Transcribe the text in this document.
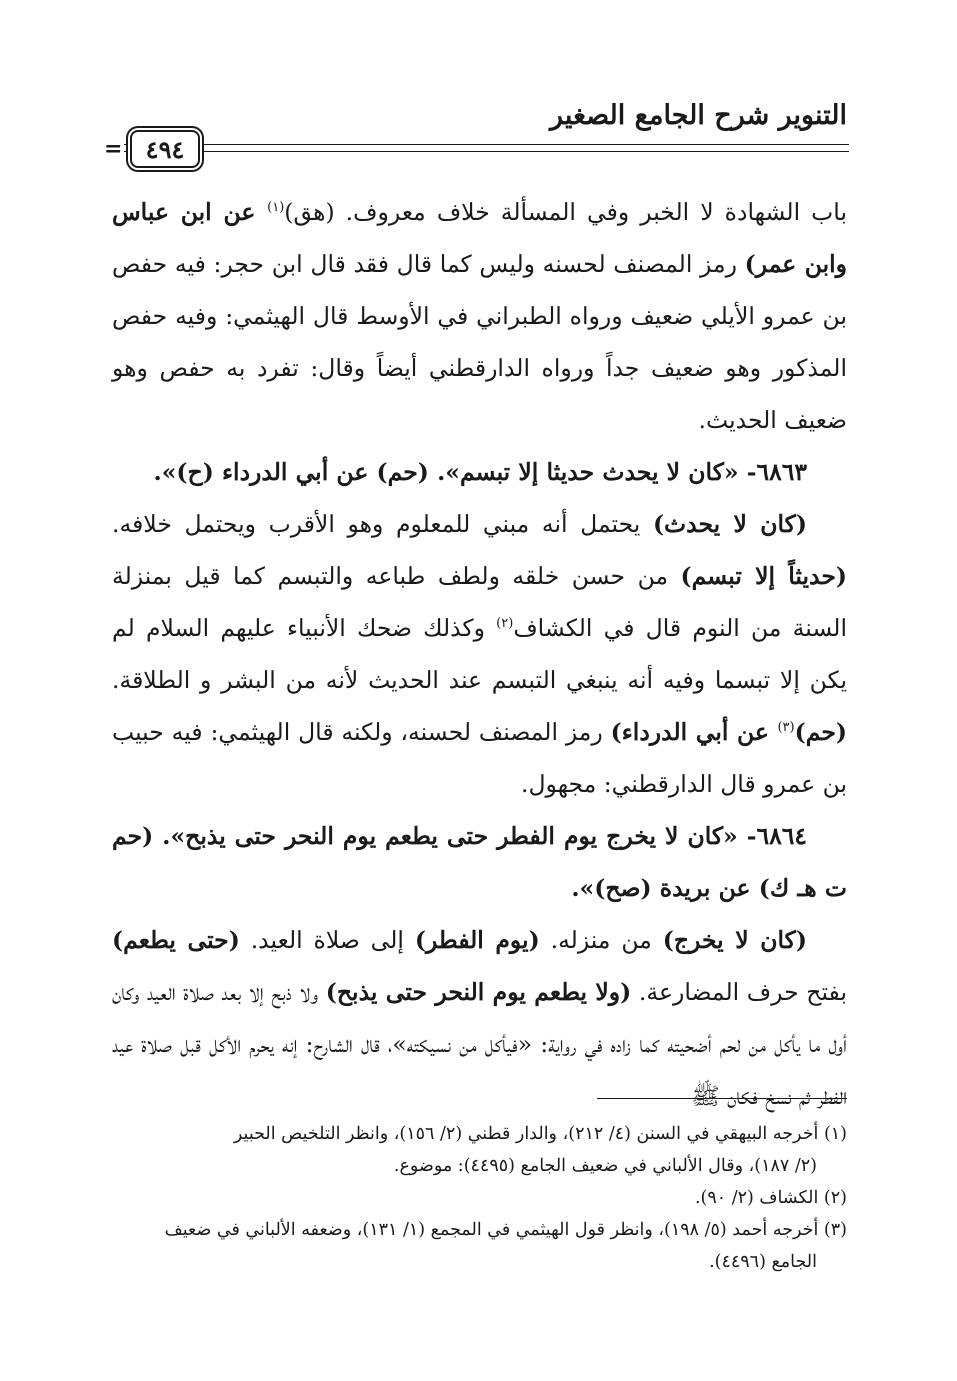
التنوير شرح الجامع الصغير
= ٤٩٤

باب الشهادة لا الخبر وفي المسألة خلاف معروف. (هق)$^{(١)}$ عن ابن عباس وابن عمر) رمز المصنف لحسنه وليس كما قال فقد قال ابن حجر: فيه حفص بن عمرو الأيلي ضعيف ورواه الطبراني في الأوسط قال الهيثمي: وفيه حفص المذكور وهو ضعيف جداً ورواه الدارقطني أيضاً وقال: تفرد به حفص وهو ضعيف الحديث.

٦٨٦٣- «كان لا يحدث حديثا إلا تبسم». (حم) عن أبي الدرداء (ح)».

(كان لا يحدث) يحتمل أنه مبني للمعلوم وهو الأقرب ويحتمل خلافه. (حديثاً إلا تبسم) من حسن خلقه ولطف طباعه والتبسم كما قيل بمنزلة السنة من النوم قال في الكشاف$^{(٢)}$ وكذلك ضحك الأنبياء عليهم السلام لم يكن إلا تبسما وفيه أنه ينبغي التبسم عند الحديث لأنه من البشر و الطلاقة. (حم)$^{(٣)}$ عن أبي الدرداء) رمز المصنف لحسنه، ولكنه قال الهيثمي: فيه حبيب بن عمرو قال الدارقطني: مجهول.

٦٨٦٤- «كان لا يخرج يوم الفطر حتى يطعم يوم النحر حتى يذبح». (حم ت هـ ك) عن بريدة (صح)».

(كان لا يخرج) من منزله. (يوم الفطر) إلى صلاة العيد. (حتى يطعم) بفتح حرف المضارعة. (ولا يطعم يوم النحر حتى يذبح) ولا ذبح إلا بعد صلاة العيد وكان أول ما يأكل من لحم أضحيته كما زاده في رواية: «فيأكل من نسيكته»، قال الشارح: إنه يحرم الأكل قبل صلاة عيد الفطر ثم نسخ فكان ﷺ

(١) أخرجه البيهقي في السنن (٤/ ٢١٢)، والدار قطني (٢/ ١٥٦)، وانظر التلخيص الحبير

(٢/ ١٨٧)، وقال الألباني في ضعيف الجامع (٤٤٩٥): موضوع.

(٢) الكشاف (٢/ ٩٠).

(٣) أخرجه أحمد (٥/ ١٩٨)، وانظر قول الهيثمي في المجمع (١/ ١٣١)، وضعفه الألباني في ضعيف

الجامع (٤٤٩٦).
